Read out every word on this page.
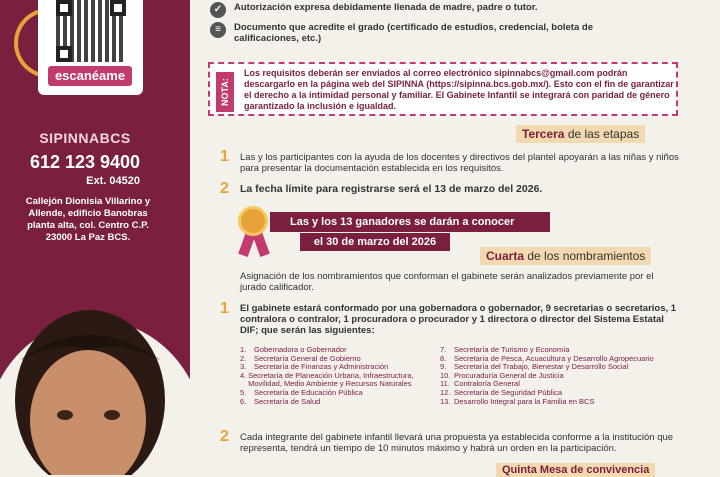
escanéame
SIPINNABCS
612 123 9400
Ext. 04520
Callejón Dionisia Villarino y Allende, edificio Banobras planta alta, col. Centro C.P. 23000 La Paz BCS.
✓	Autorización expresa debidamente llenada de madre, padre o tutor.
≡	Documento que acredite el grado (certificado de estudios, credencial, boleta de calificaciones, etc.)
NOTA:
Los requisitos deberán ser enviados al correo electrónico sipinnabcs@gmail.com podrán descargarlo en la página web del SIPINNA (https://sipinna.bcs.gob.mx/). Esto con el fin de garantizar el derecho a la intimidad personal y familiar. El Gabinete Infantil se integrará con paridad de género garantizado la inclusión e igualdad.
Tercera de las etapas
1 Las y los participantes con la ayuda de los docentes y directivos del plantel apoyarán a las niñas y niños para presentar la documentación establecida en los requisitos.
2 La fecha límite para registrarse será el 13 de marzo del 2026.
Las y los 13 ganadores se darán a conocer
el 30 de marzo del 2026
Cuarta de los nombramientos
Asignación de los nombramientos que conforman el gabinete serán analizados previamente por el jurado calificador.
1 El gabinete estará conformado por una gobernadora o gobernador, 9 secretarias o secretarios, 1 contralora o contralor, 1 procuradora o procurador y 1 directora o director del Sistema Estatal DIF; que serán las siguientes:
1. Gobernadora o Gobernador
2. Secretaría General de Gobierno
3. Secretaría de Finanzas y Administración
4. Secretaría de Planeación Urbana, Infraestructura, Movilidad, Medio Ambiente y Recursos Naturales
5. Secretaría de Educación Pública
6. Secretaría de Salud
7. Secretaría de Turismo y Economía
8. Secretaría de Pesca, Acuacultura y Desarrollo Agropecuario
9. Secretaría del Trabajo, Bienestar y Desarrollo Social
10. Procuraduría General de Justicia
11. Contraloría General
12. Secretaría de Seguridad Pública
13. Desarrollo Integral para la Familia en BCS
2 Cada integrante del gabinete infantil llevará una propuesta ya establecida conforme a la institución que representa, tendrá un tiempo de 10 minutos máximo y habrá un orden en la participación.
Quinta Mesa de convivencia
